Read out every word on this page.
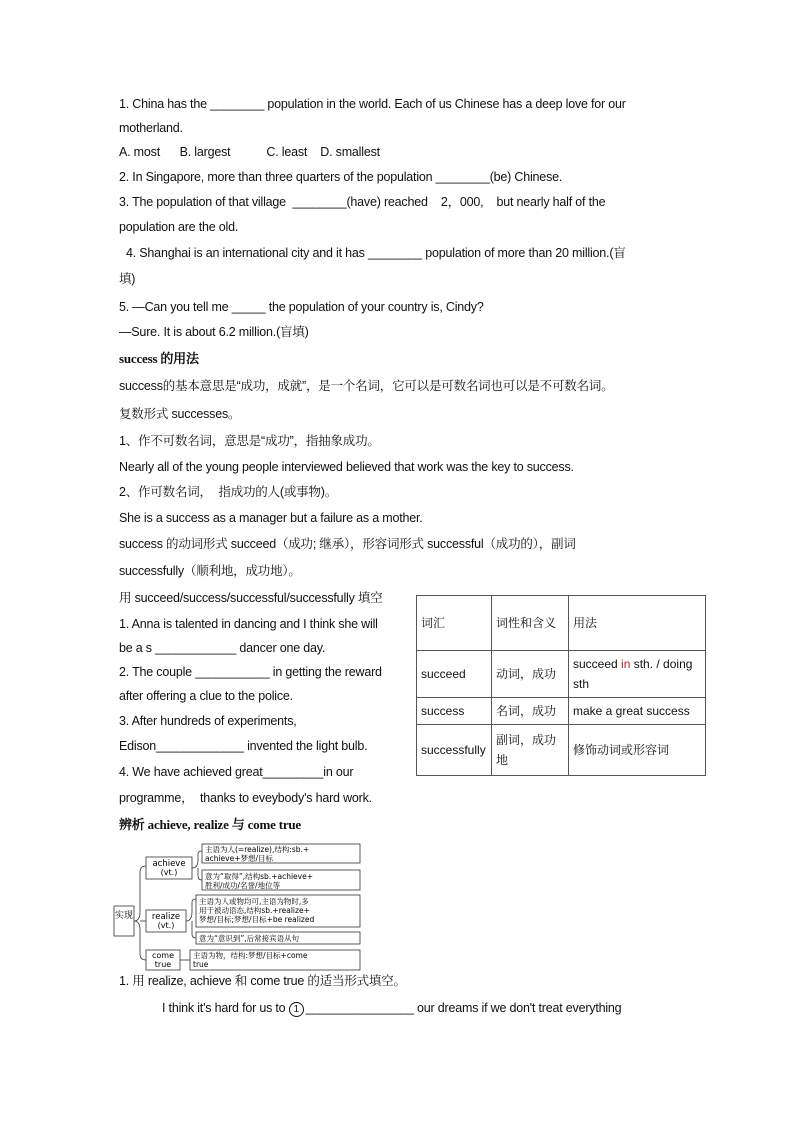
1. China has the ________ population in the world. Each of us Chinese has a deep love for our
motherland.
A. most      B. largest           C. least    D. smallest
2. In Singapore, more than three quarters of the population ________(be) Chinese.
3. The population of that village  ________(have) reached    2，000,    but nearly half of the
population are the old.
4. Shanghai is an international city and it has ________ population of more than 20 million.(盲
填)
5. —Can you tell me _____ the population of your country is, Cindy?
—Sure. It is about 6.2 million.(盲填)
success 的用法
success的基本意思是“成功，成就”，是一个名词，它可以是可数名词也可以是不可数名词。
复数形式 successes。
1、作不可数名词，意思是“成功”，指抽象成功。
Nearly all of the young people interviewed believed that work was the key to success.
2、作可数名词，  指成功的人(或事物)。
She is a success as a manager but a failure as a mother.
success 的动词形式 succeed（成功; 继承），形容词形式 successful（成功的），副词
successfully（顺利地，成功地）。
用 succeed/success/successful/successfully 填空
1. Anna is talented in dancing and I think she will
be a s ____________ dancer one day.
2. The couple ___________ in getting the reward
after offering a clue to the police.
3. After hundreds of experiments,
Edison_____________ invented the light bulb.
4. We have achieved great_________in our
programme，  thanks to eveybody's hard work.
词汇	词性和含义	用法
succeed	动词，成功	succeed in sth. / doing sth
success	名词，成功	make a great success
successfully	副词，成功地	修饰动词或形容词
辨析 achieve, realize 与 come true
实现
achieve
(vt.)
主语为人(=realize),结构:sb.+
achieve+梦想/目标
意为“取得”,结构sb.+achieve+
胜利/成功/名誉/地位等
realize
(vt.)
主语为人或物均可,主语为物时,多
用于被动语态,结构sb.+realize+
梦想/目标;梦想/目标+be realized
意为“意识到”,后常接宾语从句
come
true
主语为物，结构:梦想/目标+come
true
1. 用 realize, achieve 和 come true 的适当形式填空。
I think it's hard for us to 1 ________________ our dreams if we don't treat everything
